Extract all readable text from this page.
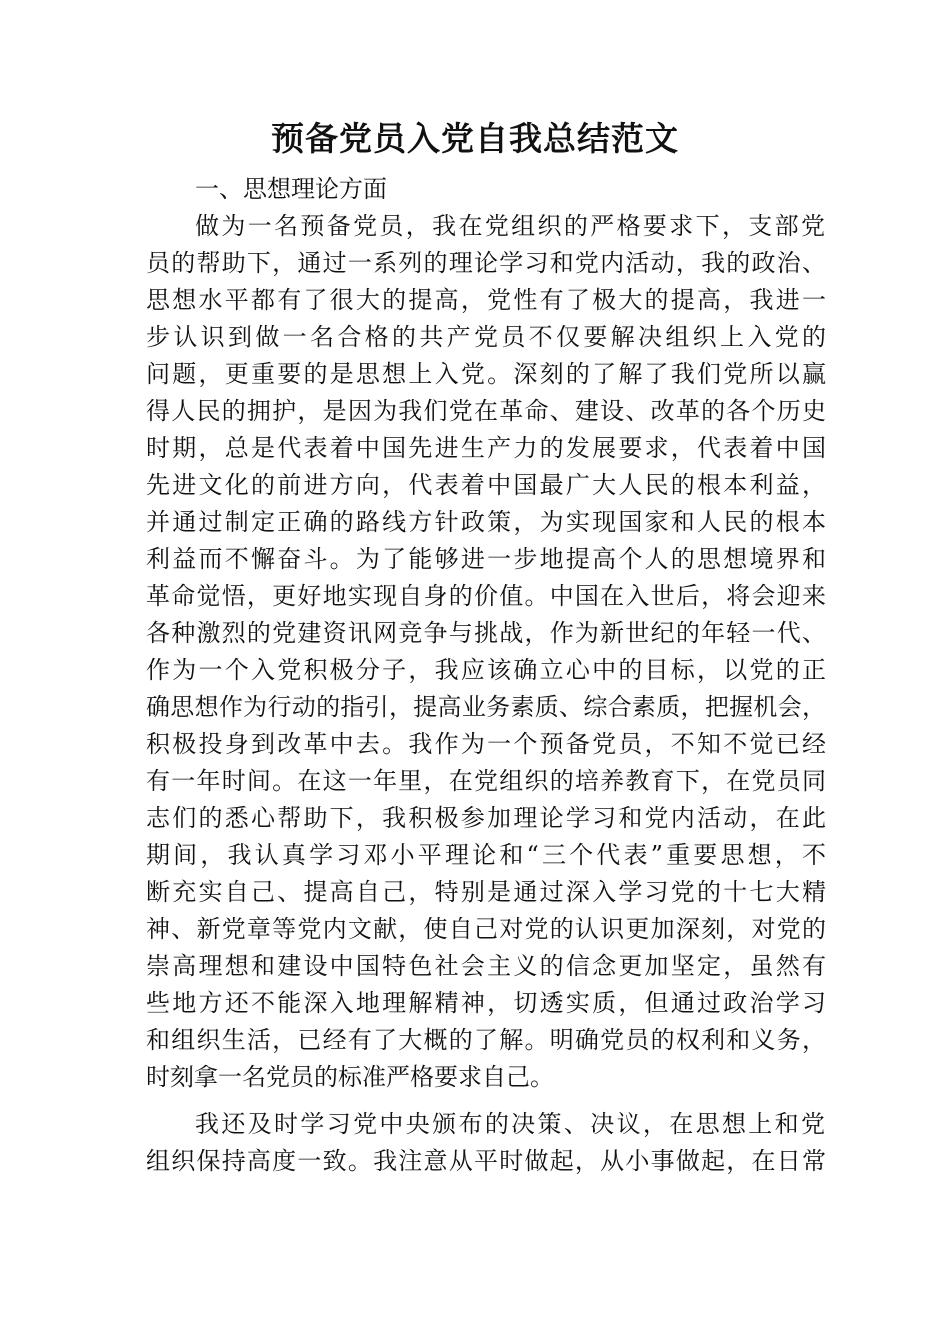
预备党员入党自我总结范文

一、思想理论方面

做为一名预备党员，我在党组织的严格要求下，支部党

员的帮助下，通过一系列的理论学习和党内活动，我的政治、

思想水平都有了很大的提高，党性有了极大的提高，我进一

步认识到做一名合格的共产党员不仅要解决组织上入党的

问题，更重要的是思想上入党。深刻的了解了我们党所以赢

得人民的拥护，是因为我们党在革命、建设、改革的各个历史

时期，总是代表着中国先进生产力的发展要求，代表着中国

先进文化的前进方向，代表着中国最广大人民的根本利益，

并通过制定正确的路线方针政策，为实现国家和人民的根本

利益而不懈奋斗。为了能够进一步地提高个人的思想境界和

革命觉悟，更好地实现自身的价值。中国在入世后，将会迎来

各种激烈的党建资讯网竞争与挑战，作为新世纪的年轻一代、

作为一个入党积极分子，我应该确立心中的目标，以党的正

确思想作为行动的指引，提高业务素质、综合素质，把握机会，

积极投身到改革中去。我作为一个预备党员，不知不觉已经

有一年时间。在这一年里，在党组织的培养教育下，在党员同

志们的悉心帮助下，我积极参加理论学习和党内活动，在此

期间，我认真学习邓小平理论和“三个代表”重要思想，不

断充实自己、提高自己，特别是通过深入学习党的十七大精

神、新党章等党内文献，使自己对党的认识更加深刻，对党的

崇高理想和建设中国特色社会主义的信念更加坚定，虽然有

些地方还不能深入地理解精神，切透实质，但通过政治学习

和组织生活，已经有了大概的了解。明确党员的权利和义务，

时刻拿一名党员的标准严格要求自己。

我还及时学习党中央颁布的决策、决议，在思想上和党

组织保持高度一致。我注意从平时做起，从小事做起，在日常
